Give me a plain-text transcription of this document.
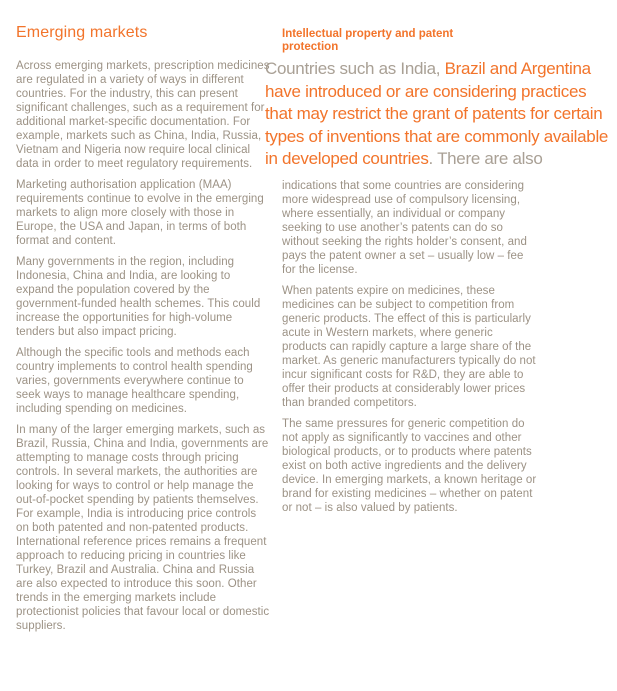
Emerging markets

Across emerging markets, prescription medicines are regulated in a variety of ways in different countries. For the industry, this can present significant challenges, such as a requirement for additional market-specific documentation. For example, markets such as China, India, Russia, Vietnam and Nigeria now require local clinical data in order to meet regulatory requirements.

Marketing authorisation application (MAA) requirements continue to evolve in the emerging markets to align more closely with those in Europe, the USA and Japan, in terms of both format and content.

Many governments in the region, including Indonesia, China and India, are looking to expand the population covered by the government-funded health schemes. This could increase the opportunities for high-volume tenders but also impact pricing.

Although the specific tools and methods each country implements to control health spending varies, governments everywhere continue to seek ways to manage healthcare spending, including spending on medicines.

In many of the larger emerging markets, such as Brazil, Russia, China and India, governments are attempting to manage costs through pricing controls. In several markets, the authorities are looking for ways to control or help manage the out-of-pocket spending by patients themselves. For example, India is introducing price controls on both patented and non-patented products. International reference prices remains a frequent approach to reducing pricing in countries like Turkey, Brazil and Australia. China and Russia are also expected to introduce this soon. Other trends in the emerging markets include protectionist policies that favour local or domestic suppliers.

Intellectual property and patent protection
Countries such as India, Brazil and Argentina have introduced or are considering practices that may restrict the grant of patents for certain types of inventions that are commonly available in developed countries. There are also

indications that some countries are considering more widespread use of compulsory licensing, where essentially, an individual or company seeking to use another’s patents can do so without seeking the rights holder’s consent, and pays the patent owner a set – usually low – fee for the license.

When patents expire on medicines, these medicines can be subject to competition from generic products. The effect of this is particularly acute in Western markets, where generic products can rapidly capture a large share of the market. As generic manufacturers typically do not incur significant costs for R&D, they are able to offer their products at considerably lower prices than branded competitors.

The same pressures for generic competition do not apply as significantly to vaccines and other biological products, or to products where patents exist on both active ingredients and the delivery device. In emerging markets, a known heritage or brand for existing medicines – whether on patent or not – is also valued by patients.
